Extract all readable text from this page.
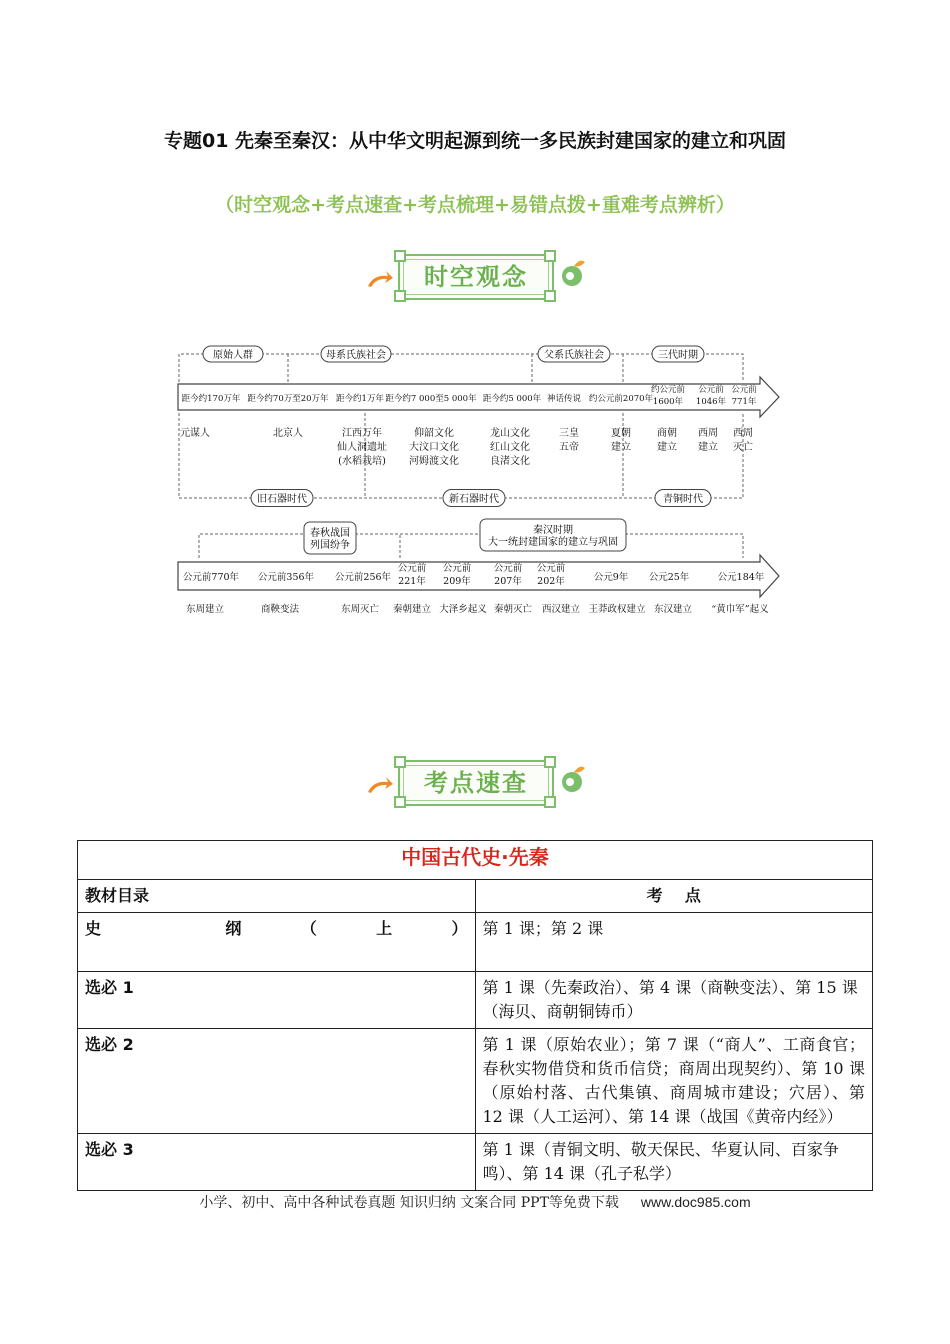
专题01 先秦至秦汉：从中华文明起源到统一多民族封建国家的建立和巩固
（时空观念+考点速查+考点梳理+易错点拨+重难考点辨析）
时空观念
原始人群	母系氏族社会	父系氏族社会	三代时期
旧石器时代	新石器时代	青铜时代
距今约170万年 距今约70万至20万年 距今约1万年 距今约7 000至5 000年 距今约5 000年 神话传说 约公元前2070年
约公元前
1600年
公元前
1046年
公元前
771年
元谋人	北京人	江西万年
仙人洞遗址
(水稻栽培)
仰韶文化
大汶口文化
河姆渡文化
龙山文化
红山文化
良渚文化
三皇
五帝
夏朝
建立
商朝
建立
西周
建立
西周
灭亡
春秋战国
列国纷争
秦汉时期
大一统封建国家的建立与巩固
公元前770年 公元前356年 公元前256年
公元前
221年
公元前
209年
公元前
207年
公元前
202年	公元9年 公元25年	公元184年
东周建立	商鞅变法	东周灭亡 秦朝建立 大泽乡起义 秦朝灭亡 西汉建立 王莽政权建立 东汉建立 “黄巾军”起义
考点速查
中国古代史·先秦	
教材目录	考    点

史 纲（上）	第 1 课；第 2 课
选必 1	第 1 课（先秦政治）、第 4 课（商鞅变法）、第 15 课（海贝、商朝铜铸币）
选必 2	第 1 课（原始农业）；第 7 课（“商人”、工商食官；春秋实物借贷和货币信贷；商周出现契约）、第 10 课（原始村落、古代集镇、商周城市建设；穴居）、第 12 课（人工运河）、第 14 课（战国《黄帝内经》）
选必 3	第 1 课（青铜文明、敬天保民、华夏认同、百家争鸣）、第 14 课（孔子私学）
小学、初中、高中各种试卷真题 知识归纳 文案合同 PPT等免费下载 www.doc985.com
